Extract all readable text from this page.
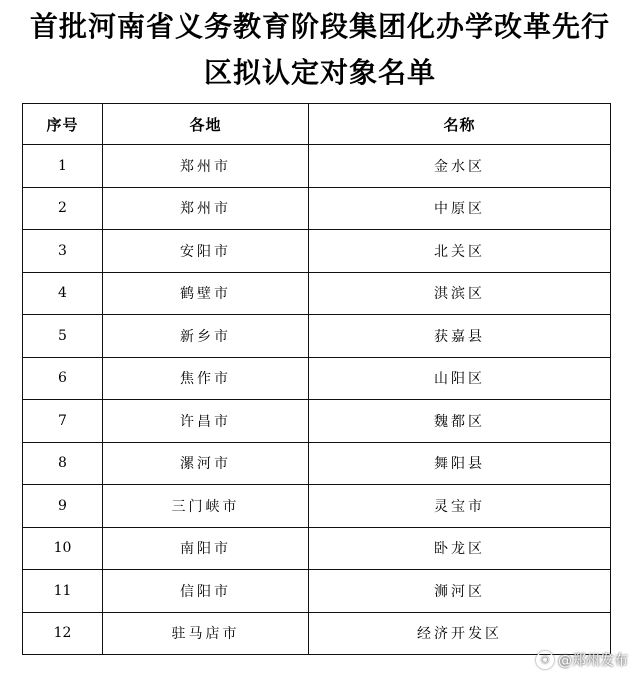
首批河南省义务教育阶段集团化办学改革先行
区拟认定对象名单
序号	各地	名称
1	郑州市	金水区
2	郑州市	中原区
3	安阳市	北关区
4	鹤壁市	淇滨区
5	新乡市	获嘉县
6	焦作市	山阳区
7	许昌市	魏都区
8	漯河市	舞阳县
9	三门峡市	灵宝市
10	南阳市	卧龙区
11	信阳市	浉河区
12	驻马店市	经济开发区
◉ @郑州发布
